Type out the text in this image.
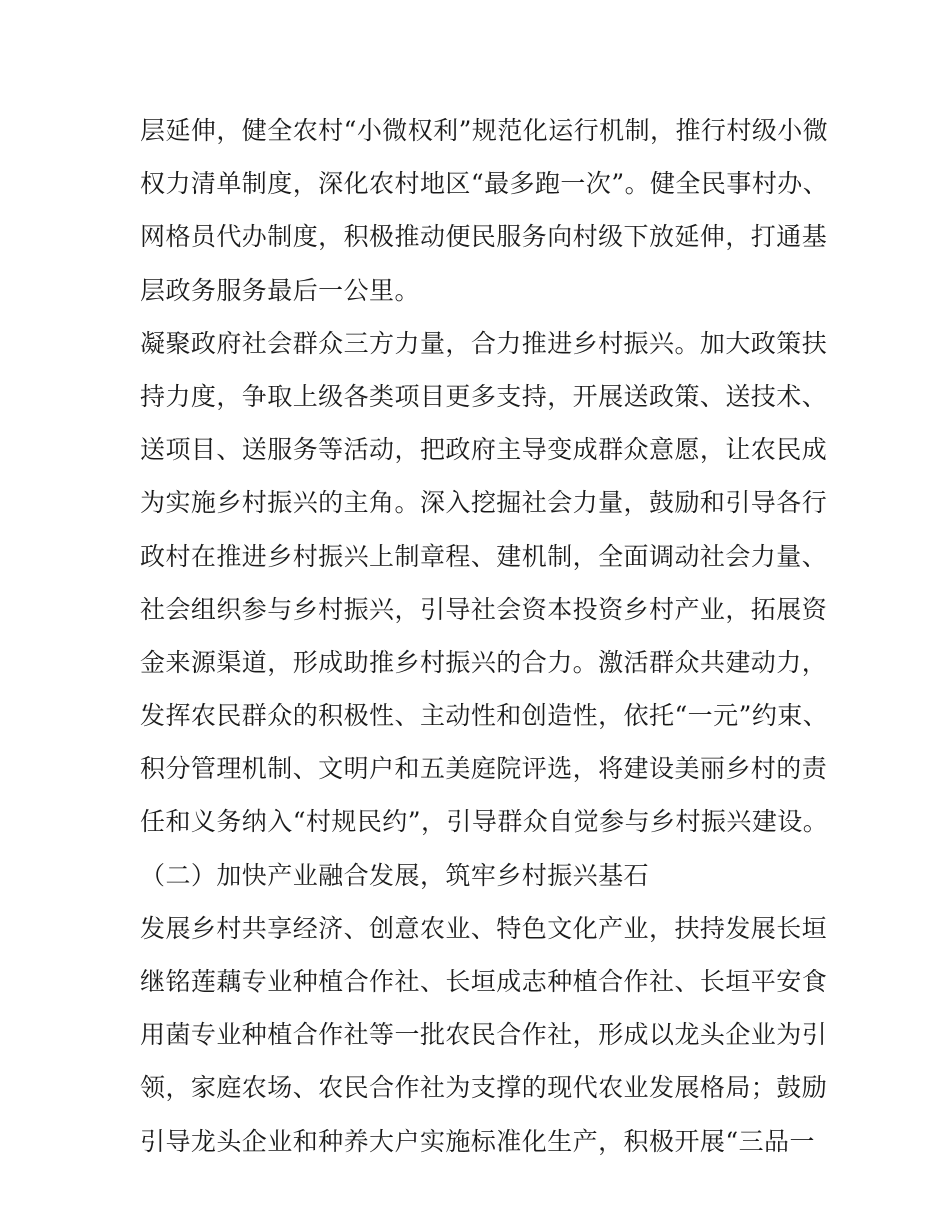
层延伸，健全农村“小微权利”规范化运行机制，推行村级小微
权力清单制度，深化农村地区“最多跑一次”。健全民事村办、
网格员代办制度，积极推动便民服务向村级下放延伸，打通基
层政务服务最后一公里。
凝聚政府社会群众三方力量，合力推进乡村振兴。加大政策扶
持力度，争取上级各类项目更多支持，开展送政策、送技术、
送项目、送服务等活动，把政府主导变成群众意愿，让农民成
为实施乡村振兴的主角。深入挖掘社会力量，鼓励和引导各行
政村在推进乡村振兴上制章程、建机制，全面调动社会力量、
社会组织参与乡村振兴，引导社会资本投资乡村产业，拓展资
金来源渠道，形成助推乡村振兴的合力。激活群众共建动力，
发挥农民群众的积极性、主动性和创造性，依托“一元”约束、
积分管理机制、文明户和五美庭院评选，将建设美丽乡村的责
任和义务纳入“村规民约”，引导群众自觉参与乡村振兴建设。
（二）加快产业融合发展，筑牢乡村振兴基石
发展乡村共享经济、创意农业、特色文化产业，扶持发展长垣
继铭莲藕专业种植合作社、长垣成志种植合作社、长垣平安食
用菌专业种植合作社等一批农民合作社，形成以龙头企业为引
领，家庭农场、农民合作社为支撑的现代农业发展格局；鼓励
引导龙头企业和种养大户实施标准化生产，积极开展“三品一
